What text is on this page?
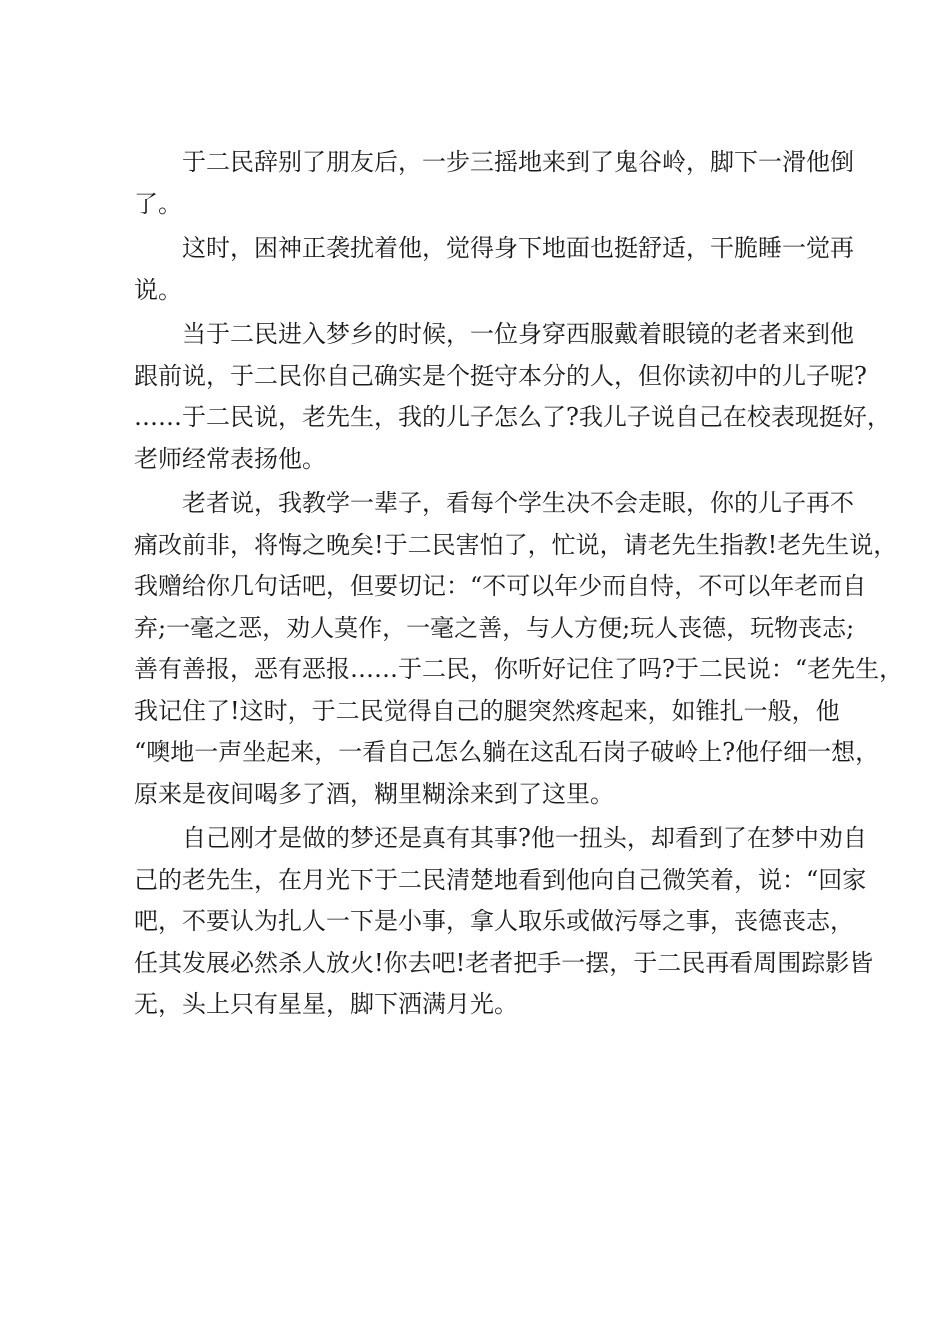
于二民辞别了朋友后，一步三摇地来到了鬼谷岭，脚下一滑他倒
了。

这时，困神正袭扰着他，觉得身下地面也挺舒适，干脆睡一觉再
说。

当于二民进入梦乡的时候，一位身穿西服戴着眼镜的老者来到他
跟前说，于二民你自己确实是个挺守本分的人，但你读初中的儿子呢?
……于二民说，老先生，我的儿子怎么了?我儿子说自己在校表现挺好，
老师经常表扬他。

老者说，我教学一辈子，看每个学生决不会走眼，你的儿子再不
痛改前非，将悔之晚矣!于二民害怕了，忙说，请老先生指教!老先生说，
我赠给你几句话吧，但要切记：“不可以年少而自恃，不可以年老而自
弃;一毫之恶，劝人莫作，一毫之善，与人方便;玩人丧德，玩物丧志;
善有善报，恶有恶报……于二民，你听好记住了吗?于二民说：“老先生，
我记住了!这时，于二民觉得自己的腿突然疼起来，如锥扎一般，他
“噢地一声坐起来，一看自己怎么躺在这乱石岗子破岭上?他仔细一想，
原来是夜间喝多了酒，糊里糊涂来到了这里。

自己刚才是做的梦还是真有其事?他一扭头，却看到了在梦中劝自
己的老先生，在月光下于二民清楚地看到他向自己微笑着，说：“回家
吧，不要认为扎人一下是小事，拿人取乐或做污辱之事，丧德丧志，
任其发展必然杀人放火!你去吧!老者把手一摆，于二民再看周围踪影皆
无，头上只有星星，脚下洒满月光。
